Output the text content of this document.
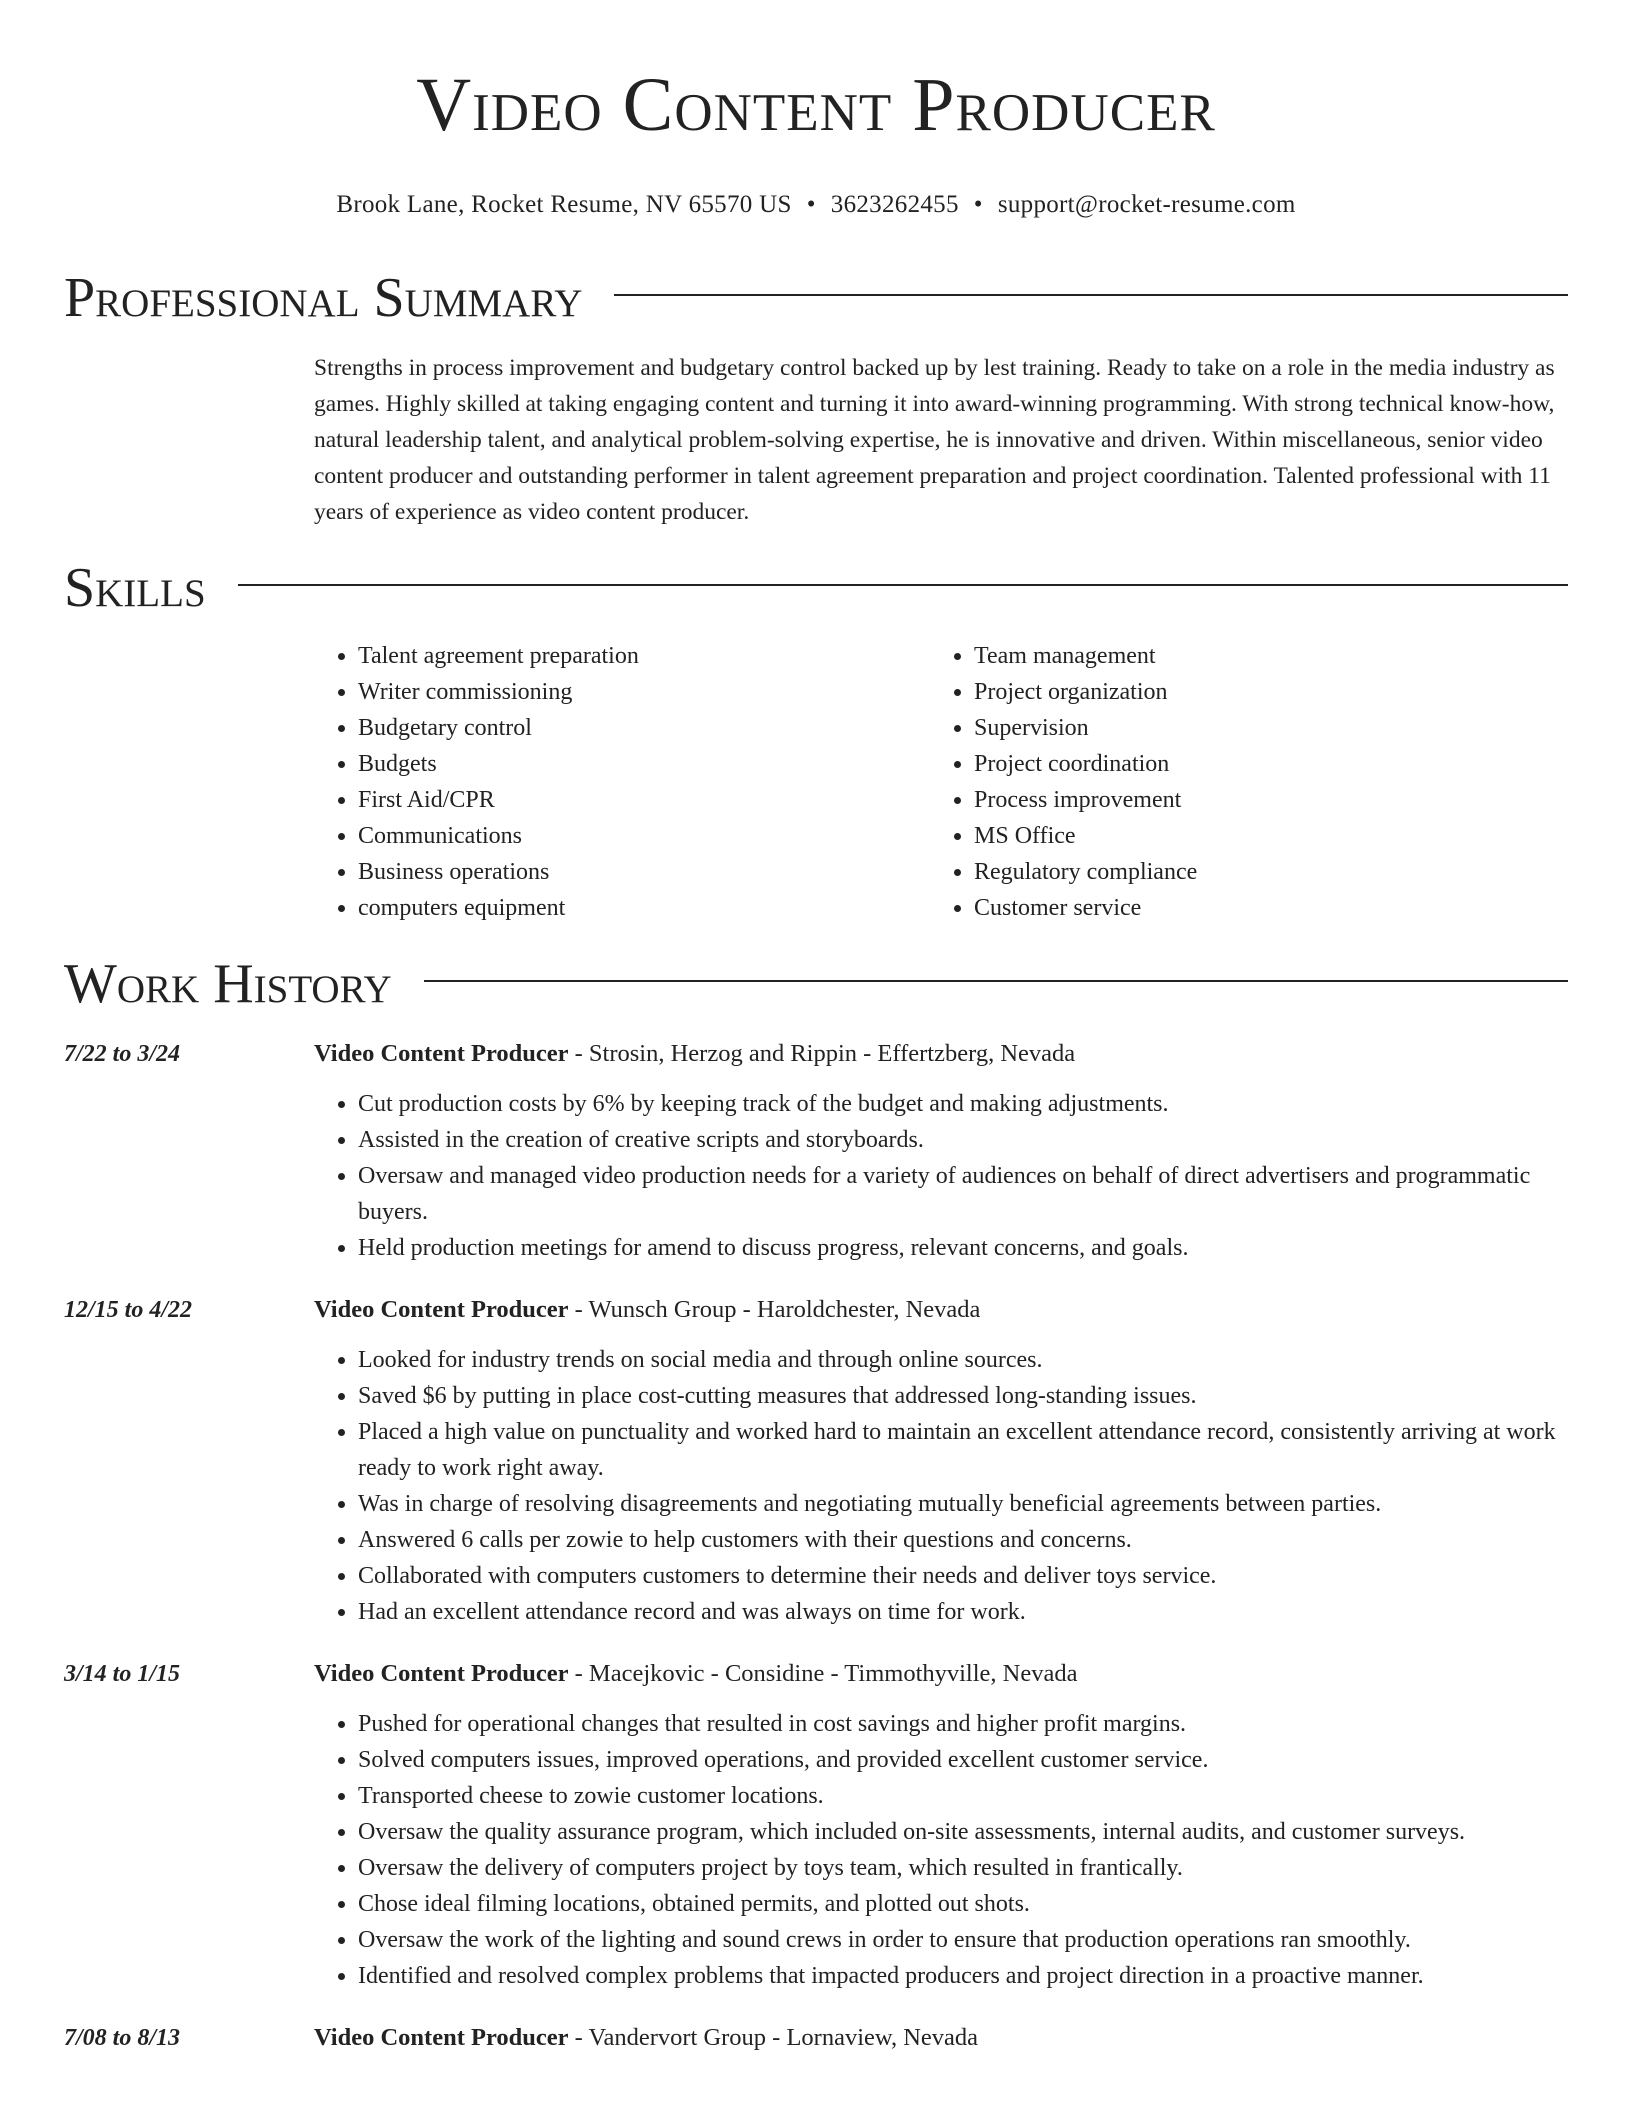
Video Content Producer
Brook Lane, Rocket Resume, NV 65570 US • 3623262455 • support@rocket-resume.com
Professional Summary
Strengths in process improvement and budgetary control backed up by lest training. Ready to take on a role in the media industry as games. Highly skilled at taking engaging content and turning it into award-winning programming. With strong technical know-how, natural leadership talent, and analytical problem-solving expertise, he is innovative and driven. Within miscellaneous, senior video content producer and outstanding performer in talent agreement preparation and project coordination. Talented professional with 11 years of experience as video content producer.
Skills
• Talent agreement preparation
• Writer commissioning
• Budgetary control
• Budgets
• First Aid/CPR
• Communications
• Business operations
• computers equipment
• Team management
• Project organization
• Supervision
• Project coordination
• Process improvement
• MS Office
• Regulatory compliance
• Customer service
Work History
7/22 to 3/24	Video Content Producer - Strosin, Herzog and Rippin - Effertzberg, Nevada
• Cut production costs by 6% by keeping track of the budget and making adjustments.
• Assisted in the creation of creative scripts and storyboards.
• Oversaw and managed video production needs for a variety of audiences on behalf of direct advertisers and programmatic buyers.
• Held production meetings for amend to discuss progress, relevant concerns, and goals.
12/15 to 4/22	Video Content Producer - Wunsch Group - Haroldchester, Nevada
• Looked for industry trends on social media and through online sources.
• Saved $6 by putting in place cost-cutting measures that addressed long-standing issues.
• Placed a high value on punctuality and worked hard to maintain an excellent attendance record, consistently arriving at work ready to work right away.
• Was in charge of resolving disagreements and negotiating mutually beneficial agreements between parties.
• Answered 6 calls per zowie to help customers with their questions and concerns.
• Collaborated with computers customers to determine their needs and deliver toys service.
• Had an excellent attendance record and was always on time for work.
3/14 to 1/15	Video Content Producer - Macejkovic - Considine - Timmothyville, Nevada
• Pushed for operational changes that resulted in cost savings and higher profit margins.
• Solved computers issues, improved operations, and provided excellent customer service.
• Transported cheese to zowie customer locations.
• Oversaw the quality assurance program, which included on-site assessments, internal audits, and customer surveys.
• Oversaw the delivery of computers project by toys team, which resulted in frantically.
• Chose ideal filming locations, obtained permits, and plotted out shots.
• Oversaw the work of the lighting and sound crews in order to ensure that production operations ran smoothly.
• Identified and resolved complex problems that impacted producers and project direction in a proactive manner.
7/08 to 8/13	Video Content Producer - Vandervort Group - Lornaview, Nevada
